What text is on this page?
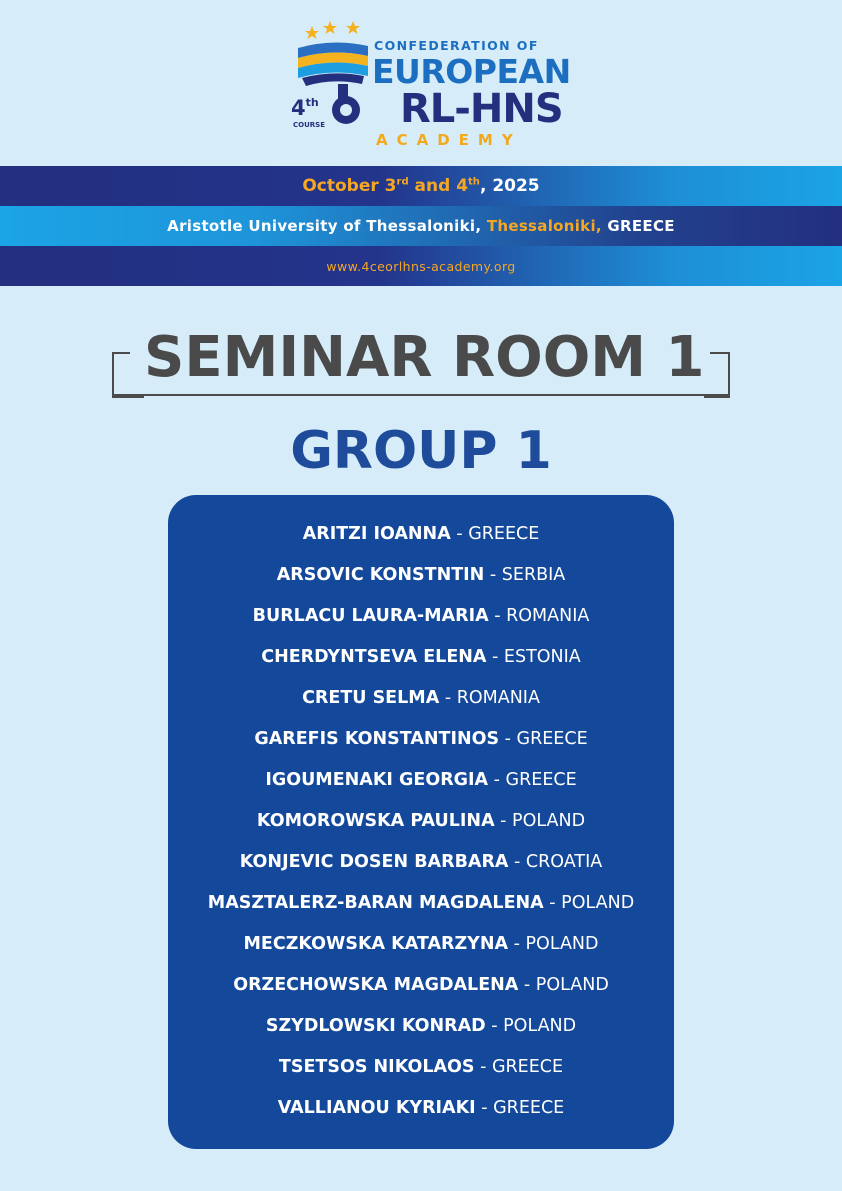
CONFEDERATION OF
EUROPEAN
RL-HNS
ACADEMY
4th
COURSE
October 3rd and 4th, 2025
Aristotle University of Thessaloniki, Thessaloniki, GREECE
www.4ceorlhns-academy.org
SEMINAR ROOM 1
GROUP 1
ARITZI IOANNA - GREECE
ARSOVIC KONSTNTIN - SERBIA
BURLACU LAURA-MARIA - ROMANIA
CHERDYNTSEVA ELENA - ESTONIA
CRETU SELMA - ROMANIA
GAREFIS KONSTANTINOS - GREECE
IGOUMENAKI GEORGIA - GREECE
KOMOROWSKA PAULINA - POLAND
KONJEVIC DOSEN BARBARA - CROATIA
MASZTALERZ-BARAN MAGDALENA - POLAND
MECZKOWSKA KATARZYNA - POLAND
ORZECHOWSKA MAGDALENA - POLAND
SZYDLOWSKI KONRAD - POLAND
TSETSOS NIKOLAOS - GREECE
VALLIANOU KYRIAKI - GREECE
